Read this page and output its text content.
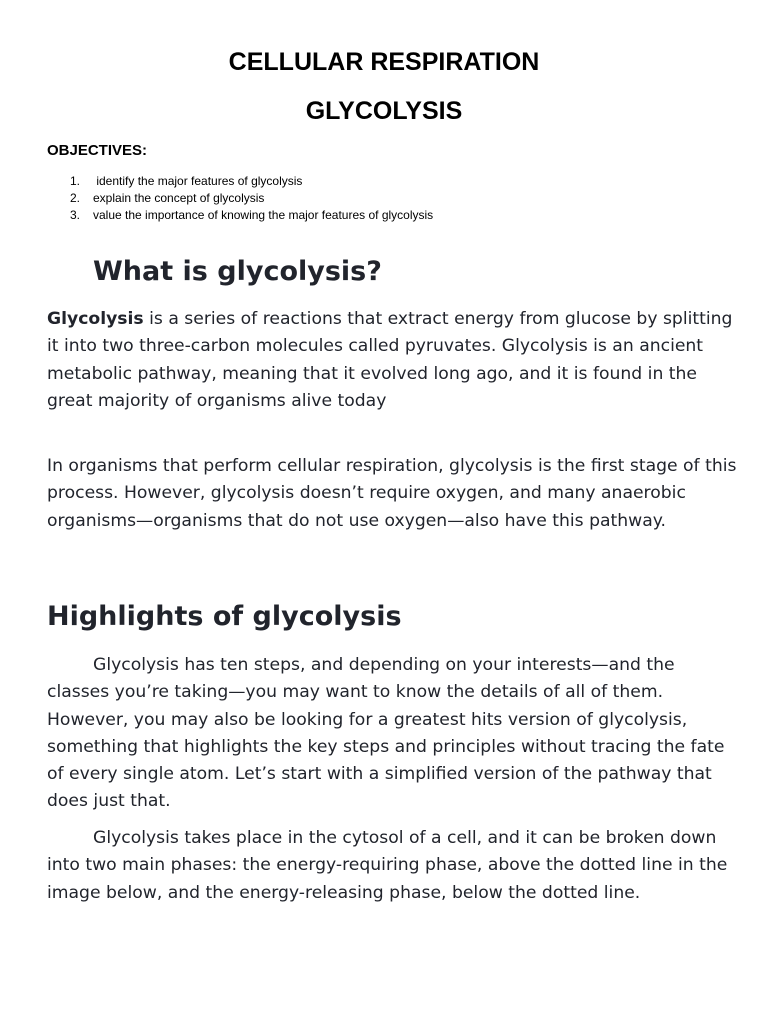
CELLULAR RESPIRATION
GLYCOLYSIS
OBJECTIVES:
1. identify the major features of glycolysis
2. explain the concept of glycolysis
3. value the importance of knowing the major features of glycolysis
What is glycolysis?

Glycolysis is a series of reactions that extract energy from glucose by splitting it into two three-carbon molecules called pyruvates. Glycolysis is an ancient metabolic pathway, meaning that it evolved long ago, and it is found in the great majority of organisms alive today

In organisms that perform cellular respiration, glycolysis is the first stage of this process. However, glycolysis doesn’t require oxygen, and many anaerobic organisms—organisms that do not use oxygen—also have this pathway.

Highlights of glycolysis

Glycolysis has ten steps, and depending on your interests—and the classes you’re taking—you may want to know the details of all of them. However, you may also be looking for a greatest hits version of glycolysis, something that highlights the key steps and principles without tracing the fate of every single atom. Let’s start with a simplified version of the pathway that does just that.

Glycolysis takes place in the cytosol of a cell, and it can be broken down into two main phases: the energy-requiring phase, above the dotted line in the image below, and the energy-releasing phase, below the dotted line.
